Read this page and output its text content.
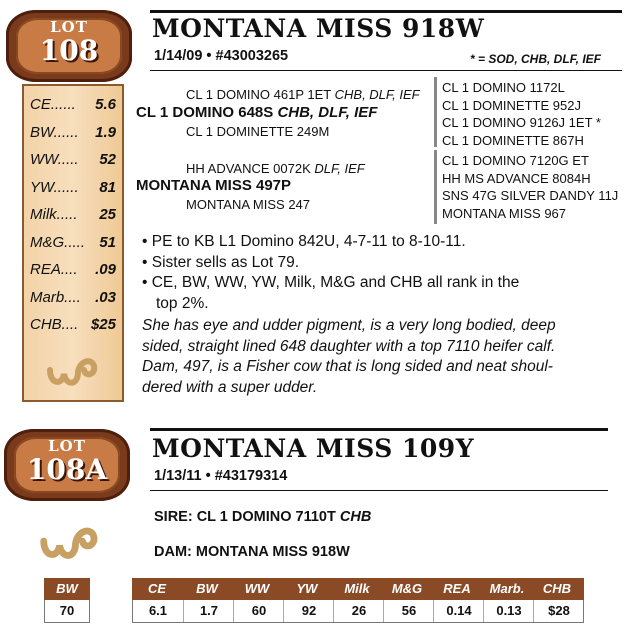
LOT
108
CE...... 5.6
BW...... 1.9
WW..... 52
YW...... 81
Milk..... 25
M&G..... 51
REA.... .09
Marb.... .03
CHB.... $25
MONTANA MISS 918W
1/14/09 • #43003265	* = SOD, CHB, DLF, IEF
CL 1 DOMINO 461P 1ET CHB, DLF, IEF
CL 1 DOMINO 648S CHB, DLF, IEF
CL 1 DOMINETTE 249M
HH ADVANCE 0072K DLF, IEF
MONTANA MISS 497P
MONTANA MISS 247
CL 1 DOMINO 1172L
CL 1 DOMINETTE 952J
CL 1 DOMINO 9126J 1ET *
CL 1 DOMINETTE 867H
CL 1 DOMINO 7120G ET
HH MS ADVANCE 8084H
SNS 47G SILVER DANDY 11J
MONTANA MISS 967
• PE to KB L1 Domino 842U, 4-7-11 to 8-10-11.
• Sister sells as Lot 79.
• CE, BW, WW, YW, Milk, M&G and CHB all rank in the
top 2%.
She has eye and udder pigment, is a very long bodied, deep
sided, straight lined 648 daughter with a top 7110 heifer calf.
Dam, 497, is a Fisher cow that is long sided and neat shoul-
dered with a super udder.
LOT
108A
MONTANA MISS 109Y
1/13/11 • #43179314
SIRE: CL 1 DOMINO 7110T CHB
DAM: MONTANA MISS 918W
BW
70
CE	BW	WW	YW	Milk	M&G	REA	Marb.	CHB
6.1	1.7	60	92	26	56	0.14	0.13	$28
